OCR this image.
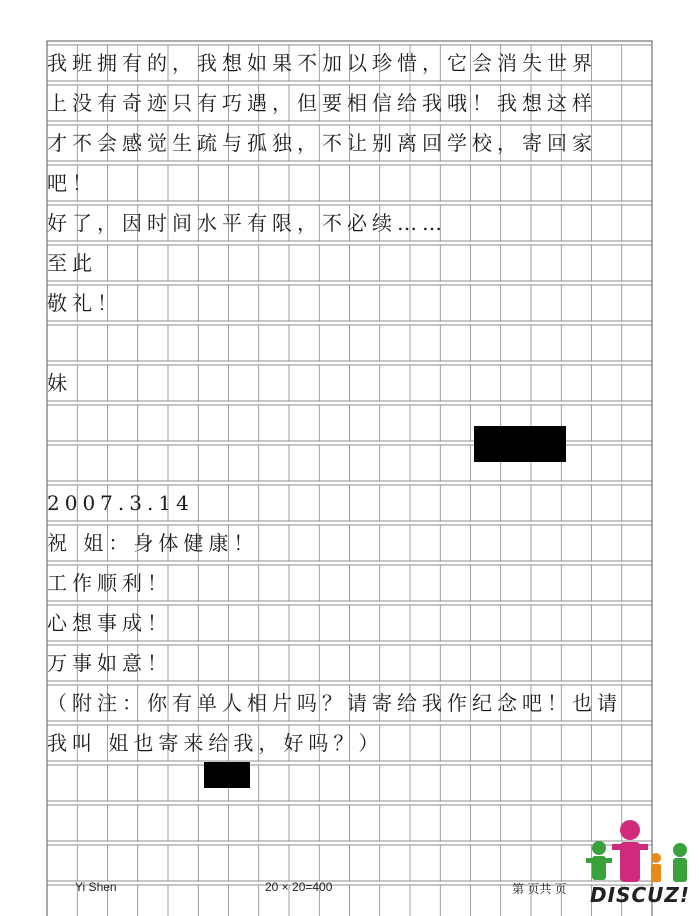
我班拥有的，我想如果不加以珍惜，它会消失世界
上没有奇迹只有巧遇，但要相信给我哦！我想这样
才不会感觉生疏与孤独，不让别离回学校，寄回家
吧！
好了，因时间水平有限，不必续……
至此
敬礼！
妹
2007.3.14
祝 姐：身体健康！
工作顺利！
心想事成！
万事如意！
（附注：你有单人相片吗？请寄给我作纪念吧！也请
我叫 姐也寄来给我，好吗？）
Yi Shen	20 × 20=400	第 页共 页 DISCUZ!
